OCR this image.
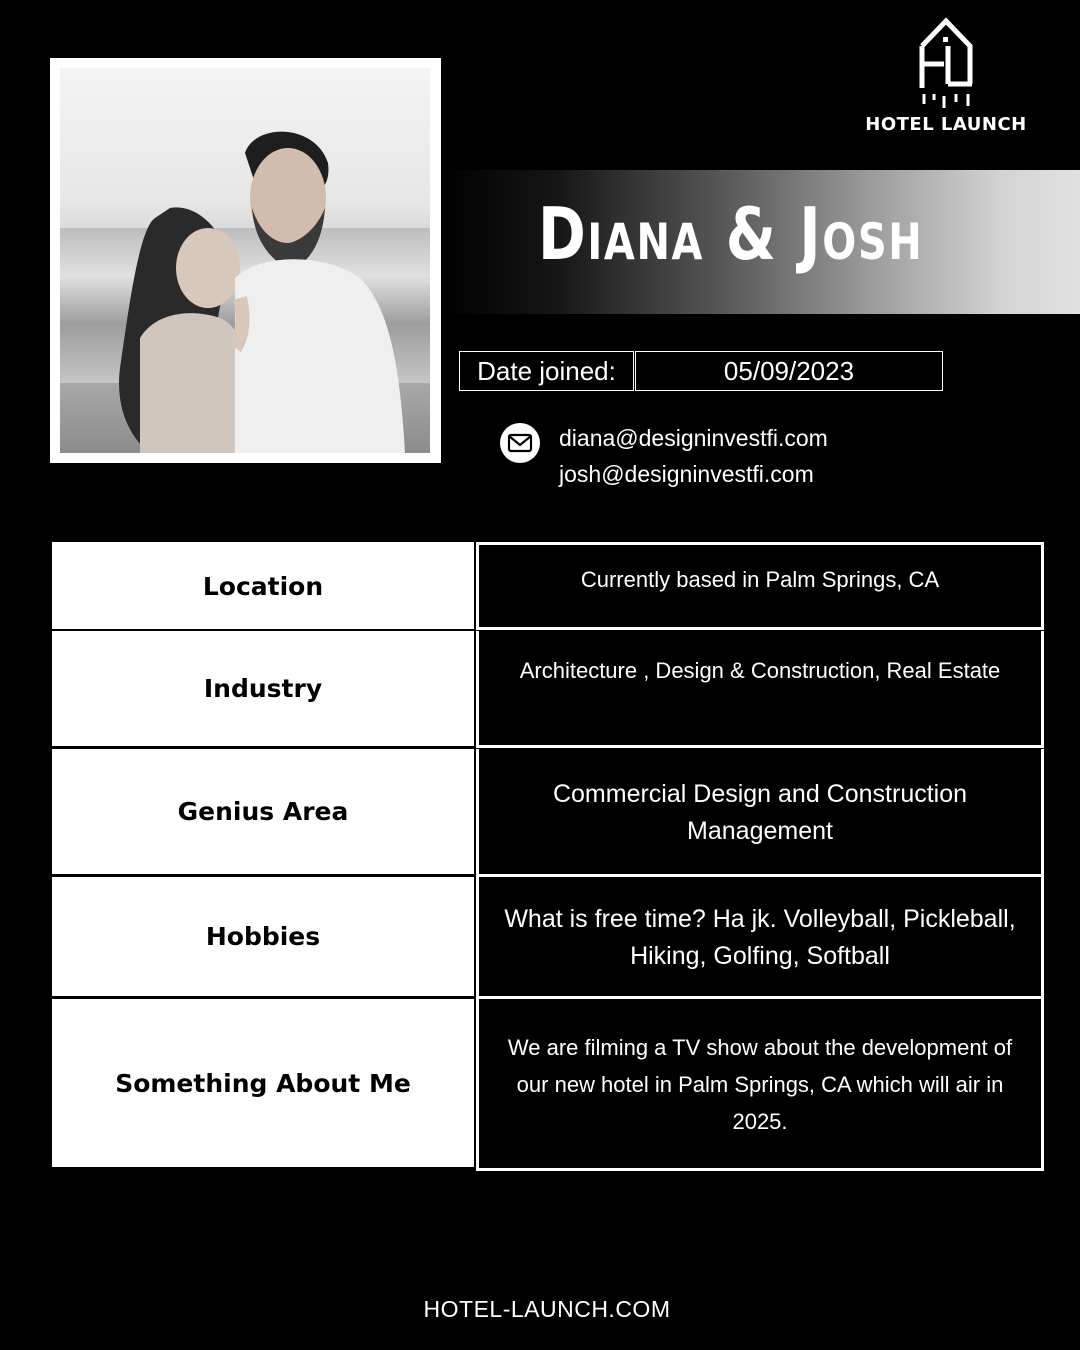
HOTEL LAUNCH
Diana & Josh
Date joined:	05/09/2023
diana@designinvestfi.com
josh@designinvestfi.com
Location	Currently based in Palm Springs, CA
Industry
Architecture , Design & Construction, Real Estate
Genius Area
Commercial Design and Construction Management
Hobbies
What is free time? Ha jk. Volleyball, Pickleball, Hiking, Golfing, Softball
Something About Me
We are filming a TV show about the development of our new hotel in Palm Springs, CA which will air in 2025.
HOTEL-LAUNCH.COM
